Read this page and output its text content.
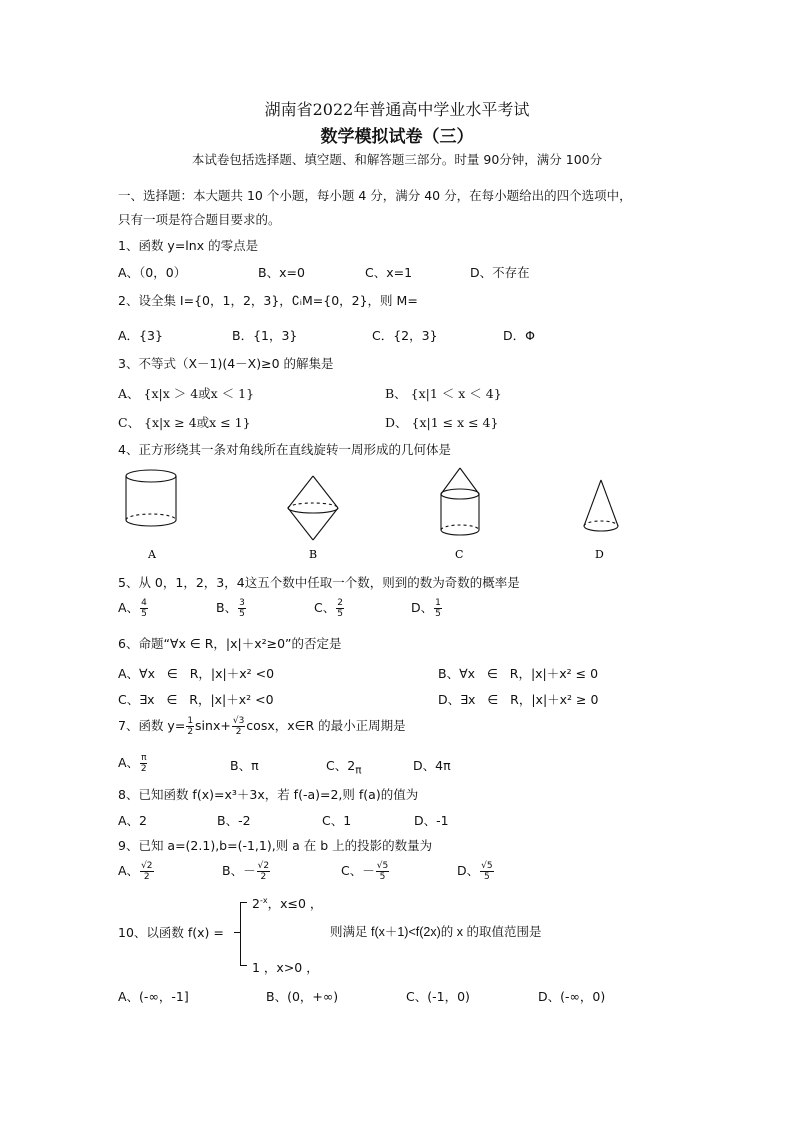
湖南省2022年普通高中学业水平考试
数学模拟试卷（三）
本试卷包括选择题、填空题、和解答题三部分。时量 90分钟，满分 100分
一、选择题：本大题共 10 个小题，每小题 4 分，满分 40 分，在每小题给出的四个选项中，
只有一项是符合题目要求的。
1、函数 y=lnx 的零点是
A、（0，0）	B、x=0	C、x=1	D、不存在
2、设全集 I={0，1，2，3}，∁ᵢM={0，2}，则 M=
A．{3}	B．{1，3}	C．{2，3}	D．Φ
3、不等式（X－1)(4－X)≥0 的解集是
A、 {x|x ＞ 4或x ＜ 1}	B、 {x|1 ＜ x ＜ 4}
C、 {x|x ≥ 4或x ≤ 1}	D、 {x|1 ≤ x ≤ 4}
4、正方形绕其一条对角线所在直线旋转一周形成的几何体是
A	B	C	D
5、从 0，1，2，3，4这五个数中任取一个数，则到的数为奇数的概率是
A、 $\frac{4}{5}$	B、 $\frac{3}{5}$	C、 $\frac{2}{5}$	D、 $\frac{1}{5}$
6、命题“∀x ∈ R，|x|＋x²≥0”的否定是
A、∀x   ∈   R，|x|＋x² <0	B、∀x   ∈   R，|x|＋x² ≤ 0
C、∃x   ∈   R，|x|＋x² <0	D、∃x   ∈   R，|x|＋x² ≥ 0
7、函数 $y= \frac{1}{2} \sin x+ \frac{√3}{2}$ cosx，x∈R 的最小正周期是
A、 $\frac{\pi}{2}$	B、π	C、$2_\pi$	D、4π
8、已知函数 f(x)=x³＋3x，若 f(-a)=2,则 f(a)的值为
A、2	B、-2	C、1	D、-1
9、已知 a=(2.1),b=(-1,1),则 a 在 b 上的投影的数量为
A、 $\frac{√2}{2}$	B、－ $\frac{√2}{2}$	C、－ $\frac{√5}{5}$	D、 $\frac{√5}{5}$
10、以函数 f(x) =
$2^{-x}$，x≤0 ，
1 ，x>0 ，
则满足 f(x＋1)<f(2x)的 x 的取值范围是
A、(-∞，-1]	B、(0，+∞)	C、(-1，0)	D、(-∞，0)
